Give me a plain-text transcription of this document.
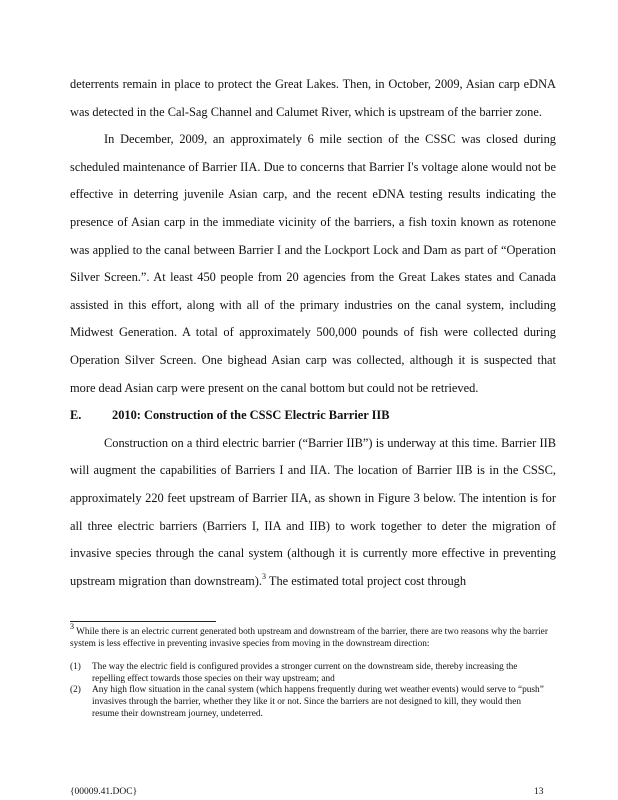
deterrents remain in place to protect the Great Lakes. Then, in October, 2009, Asian carp eDNA was detected in the Cal-Sag Channel and Calumet River, which is upstream of the barrier zone.

In December, 2009, an approximately 6 mile section of the CSSC was closed during scheduled maintenance of Barrier IIA. Due to concerns that Barrier I's voltage alone would not be effective in deterring juvenile Asian carp, and the recent eDNA testing results indicating the presence of Asian carp in the immediate vicinity of the barriers, a fish toxin known as rotenone was applied to the canal between Barrier I and the Lockport Lock and Dam as part of “Operation Silver Screen.”. At least 450 people from 20 agencies from the Great Lakes states and Canada assisted in this effort, along with all of the primary industries on the canal system, including Midwest Generation. A total of approximately 500,000 pounds of fish were collected during Operation Silver Screen. One bighead Asian carp was collected, although it is suspected that more dead Asian carp were present on the canal bottom but could not be retrieved.

E. 2010: Construction of the CSSC Electric Barrier IIB

Construction on a third electric barrier (“Barrier IIB”) is underway at this time. Barrier IIB will augment the capabilities of Barriers I and IIA. The location of Barrier IIB is in the CSSC, approximately 220 feet upstream of Barrier IIA, as shown in Figure 3 below. The intention is for all three electric barriers (Barriers I, IIA and IIB) to work together to deter the migration of invasive species through the canal system (although it is currently more effective in preventing upstream migration than downstream).$^3$ The estimated total project cost through

$^3$ While there is an electric current generated both upstream and downstream of the barrier, there are two reasons why the barrier system is less effective in preventing invasive species from moving in the downstream direction:

(1)	The way the electric field is configured provides a stronger current on the downstream side, thereby increasing the repelling effect towards those species on their way upstream; and
(2)	Any high flow situation in the canal system (which happens frequently during wet weather events) would serve to “push” invasives through the barrier, whether they like it or not. Since the barriers are not designed to kill, they would then resume their downstream journey, undeterred.
{00009.41.DOC}	13
